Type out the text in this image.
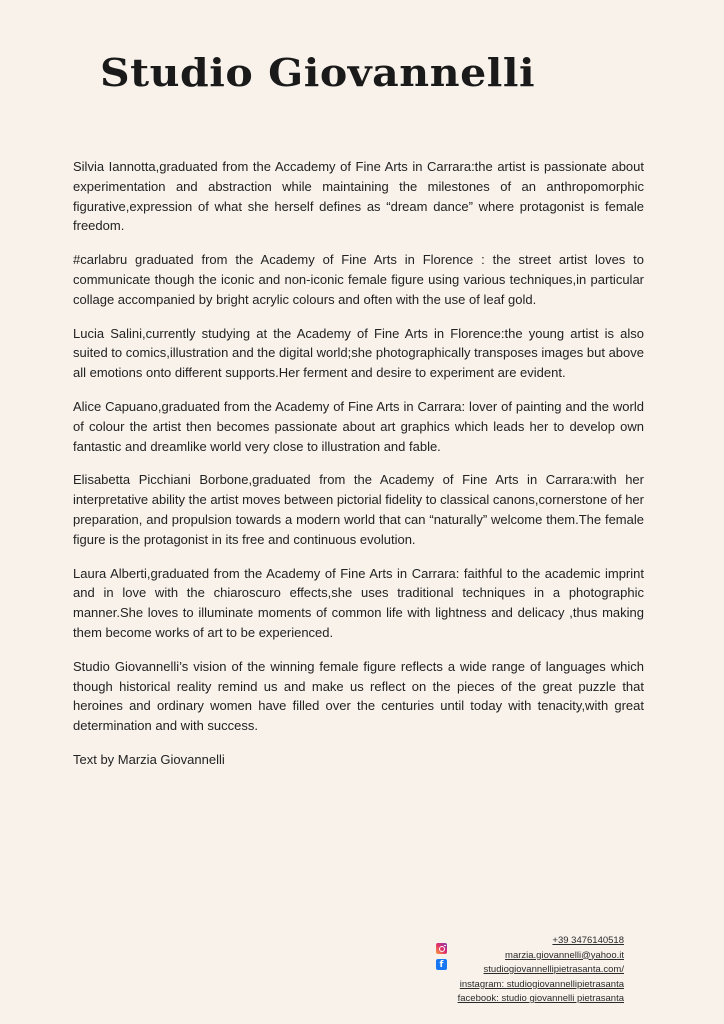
Studio Giovannelli

Silvia Iannotta,graduated from the Accademy of Fine Arts in Carrara:the artist is passionate about experimentation and abstraction while maintaining the milestones of an anthropomorphic figurative,expression of what she herself defines as “dream dance” where protagonist is female freedom.

#carlabru graduated from the Academy of Fine Arts in Florence : the street artist loves to communicate though the iconic and non-iconic female figure using various techniques,in particular collage accompanied by bright acrylic colours and often with the use of leaf gold.

Lucia Salini,currently studying at the Academy of Fine Arts in Florence:the young artist is also suited to comics,illustration and the digital world;she photographically transposes images but above all emotions onto different supports.Her ferment and desire to experiment are evident.

Alice Capuano,graduated from the Academy of Fine Arts in Carrara: lover of painting and the world of colour the artist then becomes passionate about art graphics which leads her to develop own fantastic and dreamlike world very close to illustration and fable.

Elisabetta Picchiani Borbone,graduated from the Academy of Fine Arts in Carrara:with her interpretative ability the artist moves between pictorial fidelity to classical canons,cornerstone of her preparation, and propulsion towards a modern world that can “naturally” welcome them.The female figure is the protagonist in its free and continuous evolution.

Laura Alberti,graduated from the Academy of Fine Arts in Carrara: faithful to the academic imprint and in love with the chiaroscuro effects,she uses traditional techniques in a photographic manner.She loves to illuminate moments of common life with lightness and delicacy ,thus making them become works of art to be experienced.

Studio Giovannelli’s vision of the winning female figure reflects a wide range of languages which though historical reality remind us and make us reflect on the pieces of the great puzzle that heroines and ordinary women have filled over the centuries until today with tenacity,with great determination and with success.

Text by Marzia Giovannelli

f
+39 3476140518
marzia.giovannelli@yahoo.it
studiogiovannellipietrasanta.com/
instagram: studiogiovannellipietrasanta
facebook: studio giovannelli pietrasanta
